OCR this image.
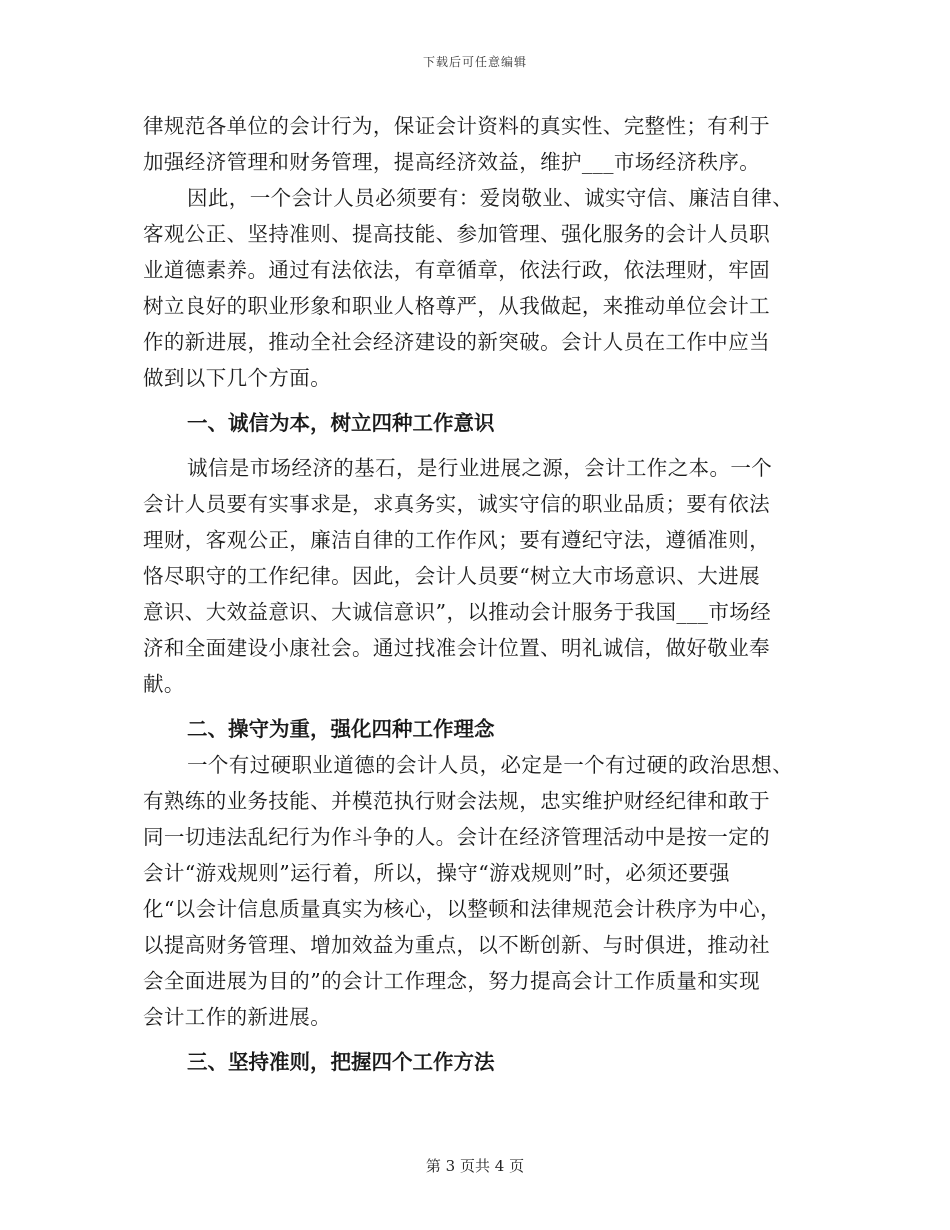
下载后可任意编辑
律规范各单位的会计行为，保证会计资料的真实性、完整性；有利于
加强经济管理和财务管理，提高经济效益，维护___市场经济秩序。
因此，一个会计人员必须要有：爱岗敬业、诚实守信、廉洁自律、
客观公正、坚持准则、提高技能、参加管理、强化服务的会计人员职
业道德素养。通过有法依法，有章循章，依法行政，依法理财，牢固
树立良好的职业形象和职业人格尊严，从我做起，来推动单位会计工
作的新进展，推动全社会经济建设的新突破。会计人员在工作中应当
做到以下几个方面。
一、诚信为本，树立四种工作意识
诚信是市场经济的基石，是行业进展之源，会计工作之本。一个
会计人员要有实事求是，求真务实，诚实守信的职业品质；要有依法
理财，客观公正，廉洁自律的工作作风；要有遵纪守法，遵循准则，
恪尽职守的工作纪律。因此，会计人员要“树立大市场意识、大进展
意识、大效益意识、大诚信意识”，以推动会计服务于我国___市场经
济和全面建设小康社会。通过找准会计位置、明礼诚信，做好敬业奉
献。
二、操守为重，强化四种工作理念
一个有过硬职业道德的会计人员，必定是一个有过硬的政治思想、
有熟练的业务技能、并模范执行财会法规，忠实维护财经纪律和敢于
同一切违法乱纪行为作斗争的人。会计在经济管理活动中是按一定的
会计“游戏规则”运行着，所以，操守“游戏规则”时，必须还要强
化“以会计信息质量真实为核心，以整顿和法律规范会计秩序为中心，
以提高财务管理、增加效益为重点，以不断创新、与时俱进，推动社
会全面进展为目的”的会计工作理念，努力提高会计工作质量和实现
会计工作的新进展。
三、坚持准则，把握四个工作方法
第 3 页共 4 页
